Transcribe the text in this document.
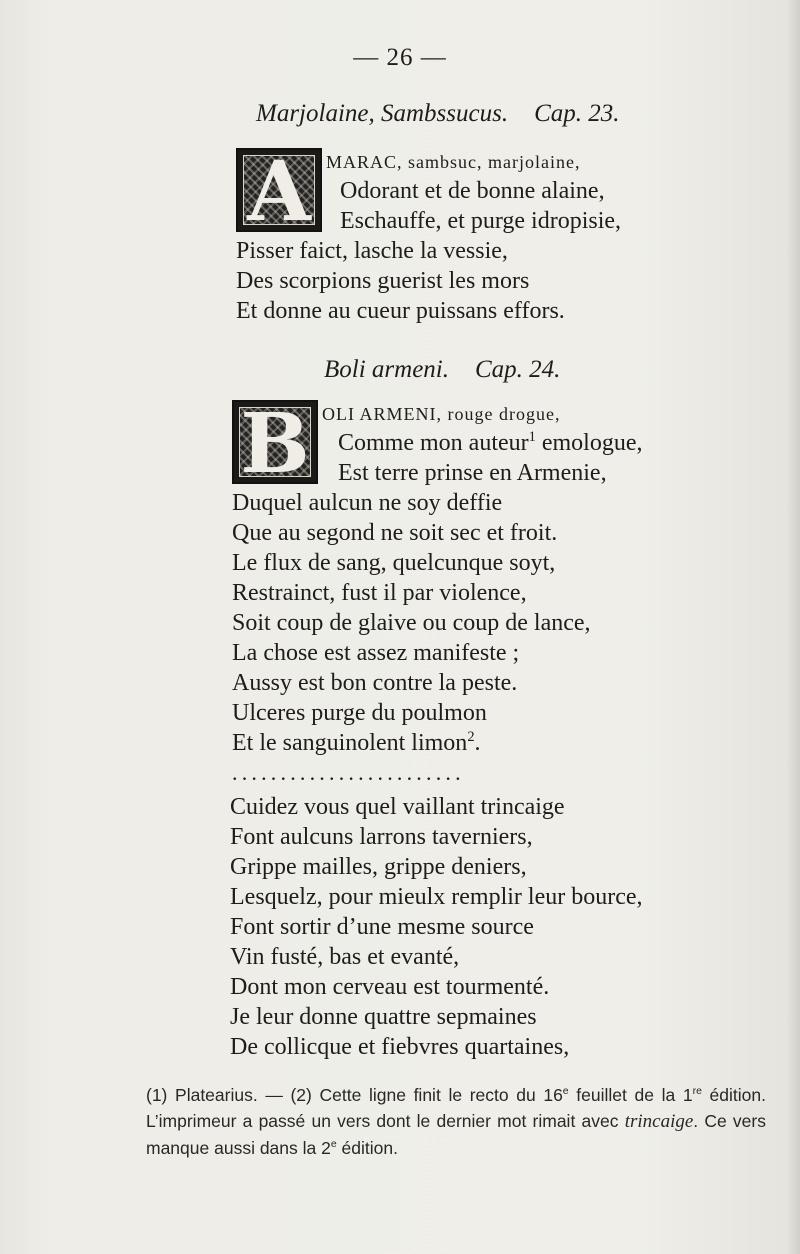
— 26 —
Marjolaine, Sambssucus. Cap. 23.
A MARAC, sambsuc, marjolaine,
Odorant et de bonne alaine,
Eschauffe, et purge idropisie,
Pisser faict, lasche la vessie,
Des scorpions guerist les mors
Et donne au cueur puissans effors.
Boli armeni. Cap. 24.
B OLI ARMENI, rouge drogue,
Comme mon auteur$^1$ emologue,
Est terre prinse en Armenie,
Duquel aulcun ne soy deffie
Que au segond ne soit sec et froit.
Le flux de sang, quelcunque soyt,
Restrainct, fust il par violence,
Soit coup de glaive ou coup de lance,
La chose est assez manifeste ;
Aussy est bon contre la peste.
Ulceres purge du poulmon
Et le sanguinolent limon$^2$.
........................
Cuidez vous quel vaillant trincaige
Font aulcuns larrons taverniers,
Grippe mailles, grippe deniers,
Lesquelz, pour mieulx remplir leur bource,
Font sortir d’une mesme source
Vin fusté, bas et evanté,
Dont mon cerveau est tourmenté.
Je leur donne quattre sepmaines
De collicque et fiebvres quartaines,
(1) Platearius. — (2) Cette ligne finit le recto du 16e feuillet de la 1re édition. L’imprimeur a passé un vers dont le dernier mot rimait avec trincaige. Ce vers manque aussi dans la 2e édition.
